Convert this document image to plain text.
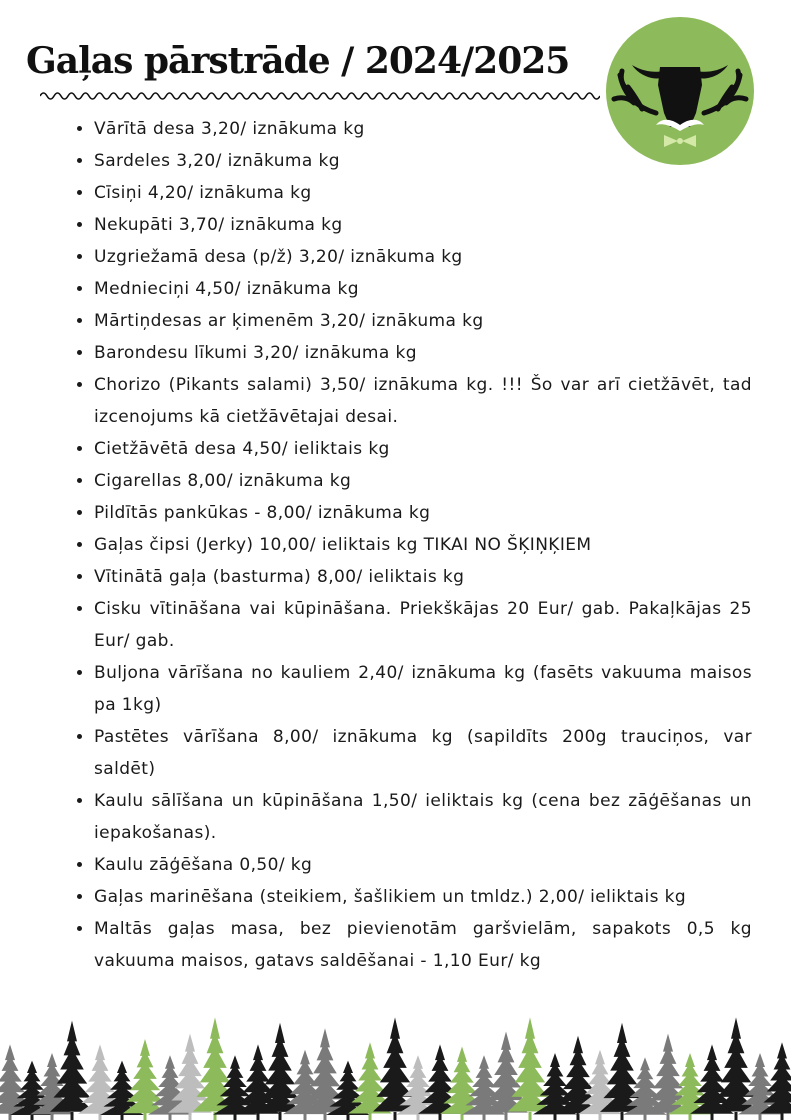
Gaļas pārstrāde / 2024/2025
• Vārītā desa 3,20/ iznākuma kg
• Sardeles 3,20/ iznākuma kg
• Cīsiņi 4,20/ iznākuma kg
• Nekupāti 3,70/ iznākuma kg
• Uzgriežamā desa (p/ž) 3,20/ iznākuma kg
• Mednieciņi 4,50/ iznākuma kg
• Mārtiņdesas ar ķimenēm 3,20/ iznākuma kg
• Barondesu līkumi 3,20/ iznākuma kg
• Chorizo (Pikants salami) 3,50/ iznākuma kg. !!! Šo var arī cietžāvēt, tad izcenojums kā cietžāvētajai desai.
• Cietžāvētā desa 4,50/ ieliktais kg
• Cigarellas 8,00/ iznākuma kg
• Pildītās pankūkas - 8,00/ iznākuma kg
• Gaļas čipsi (Jerky) 10,00/ ieliktais kg TIKAI NO ŠĶIŅĶIEM
• Vītinātā gaļa (basturma) 8,00/ ieliktais kg
• Cisku vītināšana vai kūpināšana. Priekškājas 20 Eur/ gab. Pakaļkājas 25 Eur/ gab.
• Buljona vārīšana no kauliem 2,40/ iznākuma kg (fasēts vakuuma maisos pa 1kg)
• Pastētes vārīšana 8,00/ iznākuma kg (sapildīts 200g trauciņos, var saldēt)
• Kaulu sālīšana un kūpināšana 1,50/ ieliktais kg (cena bez zāģēšanas un iepakošanas).
• Kaulu zāģēšana 0,50/ kg
• Gaļas marinēšana (steikiem, šašlikiem un tmldz.) 2,00/ ieliktais kg
• Maltās gaļas masa, bez pievienotām garšvielām, sapakots 0,5 kg vakuuma maisos, gatavs saldēšanai - 1,10 Eur/ kg
